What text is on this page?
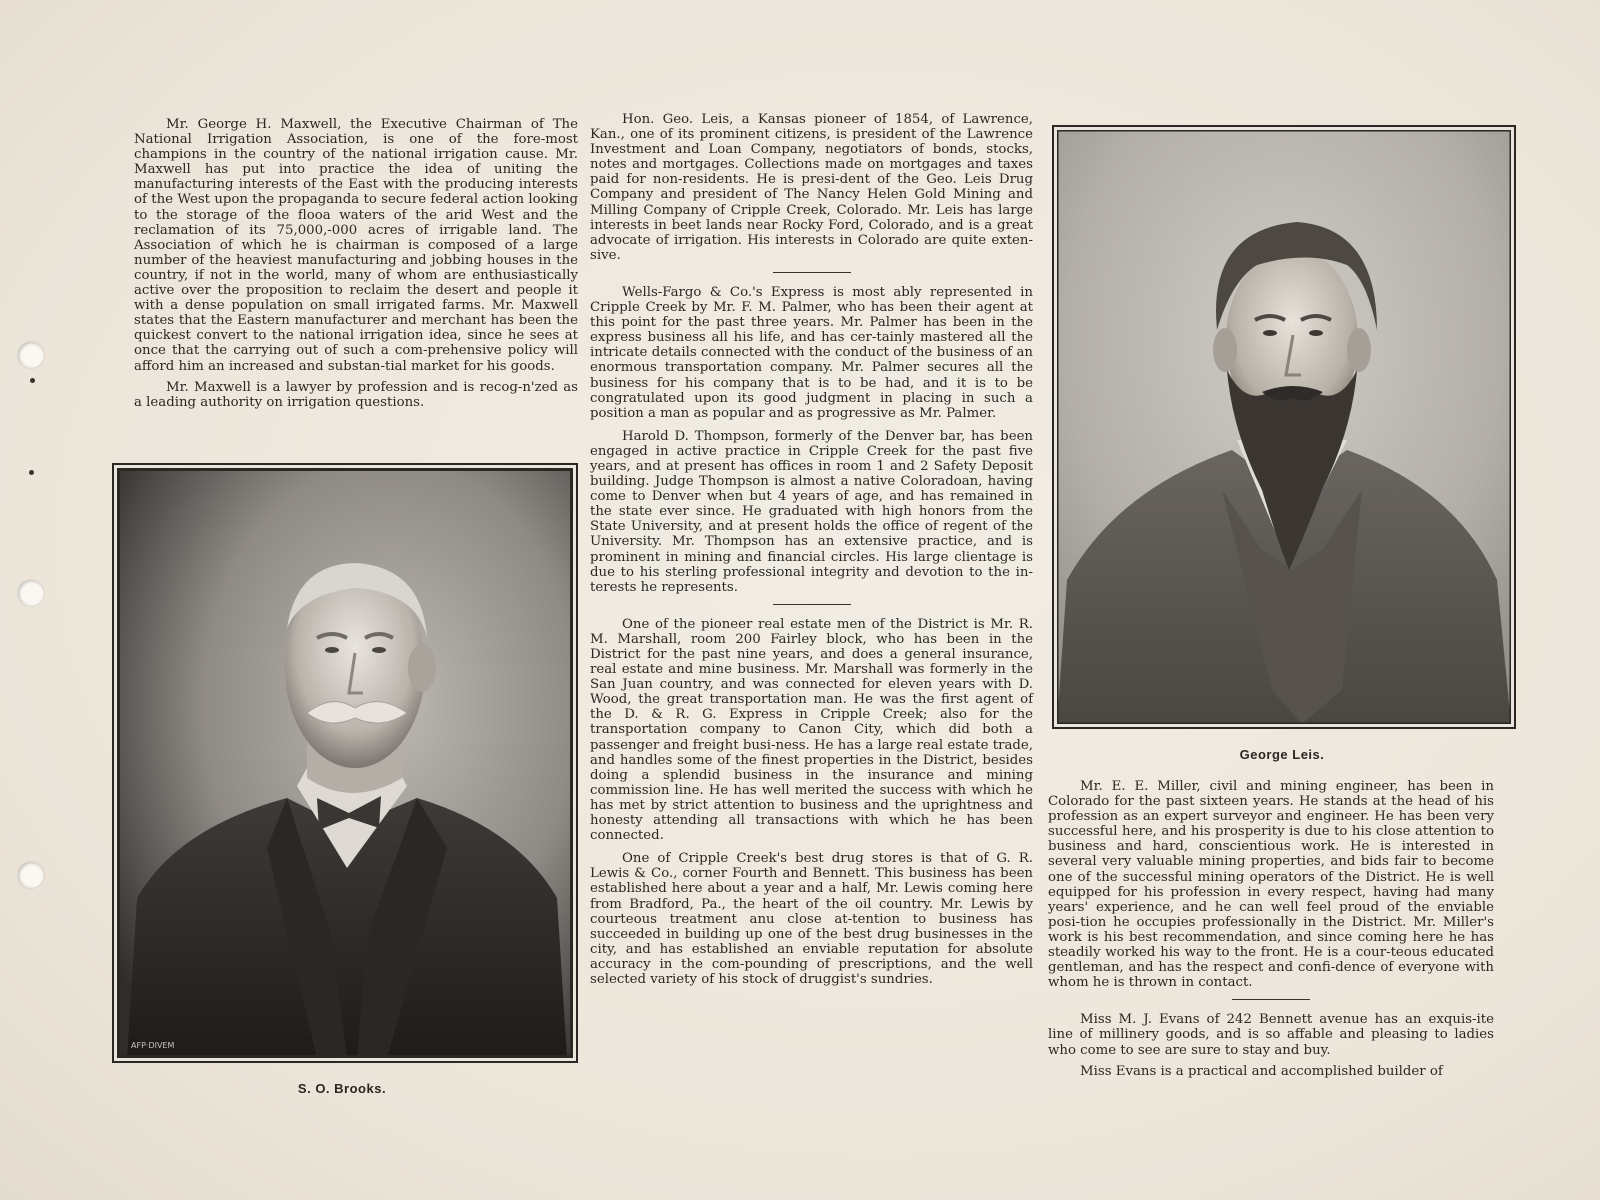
Mr. George H. Maxwell, the Executive Chairman of The National Irrigation Association, is one of the fore-most champions in the country of the national irrigation cause. Mr. Maxwell has put into practice the idea of uniting the manufacturing interests of the East with the producing interests of the West upon the propaganda to secure federal action looking to the storage of the flooa waters of the arid West and the reclamation of its 75,000,-000 acres of irrigable land. The Association of which he is chairman is composed of a large number of the heaviest manufacturing and jobbing houses in the country, if not in the world, many of whom are enthusiastically active over the proposition to reclaim the desert and people it with a dense population on small irrigated farms. Mr. Maxwell states that the Eastern manufacturer and merchant has been the quickest convert to the national irrigation idea, since he sees at once that the carrying out of such a com-prehensive policy will afford him an increased and substan-tial market for his goods.

Mr. Maxwell is a lawyer by profession and is recog-n'zed as a leading authority on irrigation questions.

AFP·DIVEM
S. O. Brooks.

Hon. Geo. Leis, a Kansas pioneer of 1854, of Lawrence, Kan., one of its prominent citizens, is president of the Lawrence Investment and Loan Company, negotiators of bonds, stocks, notes and mortgages. Collections made on mortgages and taxes paid for non-residents. He is presi-dent of the Geo. Leis Drug Company and president of The Nancy Helen Gold Mining and Milling Company of Cripple Creek, Colorado. Mr. Leis has large interests in beet lands near Rocky Ford, Colorado, and is a great advocate of irrigation. His interests in Colorado are quite exten-sive.

Wells-Fargo & Co.'s Express is most ably represented in Cripple Creek by Mr. F. M. Palmer, who has been their agent at this point for the past three years. Mr. Palmer has been in the express business all his life, and has cer-tainly mastered all the intricate details connected with the conduct of the business of an enormous transportation company. Mr. Palmer secures all the business for his company that is to be had, and it is to be congratulated upon its good judgment in placing in such a position a man as popular and as progressive as Mr. Palmer.

Harold D. Thompson, formerly of the Denver bar, has been engaged in active practice in Cripple Creek for the past five years, and at present has offices in room 1 and 2 Safety Deposit building. Judge Thompson is almost a native Coloradoan, having come to Denver when but 4 years of age, and has remained in the state ever since. He graduated with high honors from the State University, and at present holds the office of regent of the University. Mr. Thompson has an extensive practice, and is prominent in mining and financial circles. His large clientage is due to his sterling professional integrity and devotion to the in-terests he represents.

One of the pioneer real estate men of the District is Mr. R. M. Marshall, room 200 Fairley block, who has been in the District for the past nine years, and does a general insurance, real estate and mine business. Mr. Marshall was formerly in the San Juan country, and was connected for eleven years with D. Wood, the great transportation man. He was the first agent of the D. & R. G. Express in Cripple Creek; also for the transportation company to Canon City, which did both a passenger and freight busi-ness. He has a large real estate trade, and handles some of the finest properties in the District, besides doing a splendid business in the insurance and mining commission line. He has well merited the success with which he has met by strict attention to business and the uprightness and honesty attending all transactions with which he has been connected.

One of Cripple Creek's best drug stores is that of G. R. Lewis & Co., corner Fourth and Bennett. This business has been established here about a year and a half, Mr. Lewis coming here from Bradford, Pa., the heart of the oil country. Mr. Lewis by courteous treatment anu close at-tention to business has succeeded in building up one of the best drug businesses in the city, and has established an enviable reputation for absolute accuracy in the com-pounding of prescriptions, and the well selected variety of his stock of druggist's sundries.

George Leis.

Mr. E. E. Miller, civil and mining engineer, has been in Colorado for the past sixteen years. He stands at the head of his profession as an expert surveyor and engineer. He has been very successful here, and his prosperity is due to his close attention to business and hard, conscientious work. He is interested in several very valuable mining properties, and bids fair to become one of the successful mining operators of the District. He is well equipped for his profession in every respect, having had many years' experience, and he can well feel proud of the enviable posi-tion he occupies professionally in the District. Mr. Miller's work is his best recommendation, and since coming here he has steadily worked his way to the front. He is a cour-teous educated gentleman, and has the respect and confi-dence of everyone with whom he is thrown in contact.

Miss M. J. Evans of 242 Bennett avenue has an exquis-ite line of millinery goods, and is so affable and pleasing to ladies who come to see are sure to stay and buy.

Miss Evans is a practical and accomplished builder of
